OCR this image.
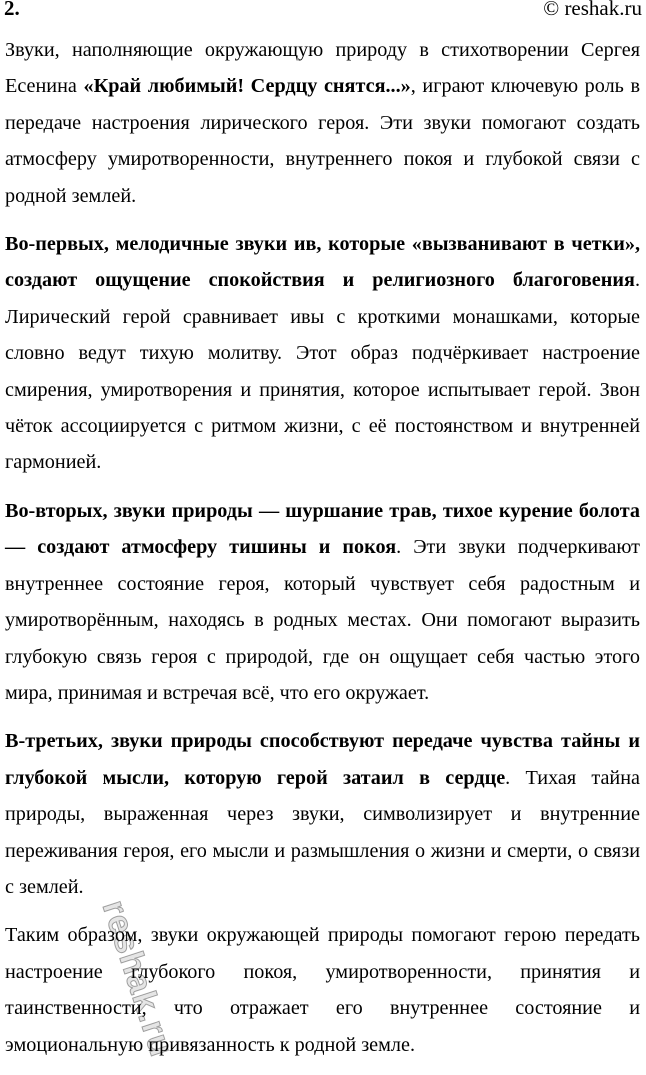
2.	© reshak.ru

Звуки, наполняющие окружающую природу в стихотворении Сергея Есенина «Край любимый! Сердцу снятся...», играют ключевую роль в передаче настроения лирического героя. Эти звуки помогают создать атмосферу умиротворенности, внутреннего покоя и глубокой связи с родной землей.

Во-первых, мелодичные звуки ив, которые «вызванивают в четки», создают ощущение спокойствия и религиозного благоговения. Лирический герой сравнивает ивы с кроткими монашками, которые словно ведут тихую молитву. Этот образ подчёркивает настроение смирения, умиротворения и принятия, которое испытывает герой. Звон чёток ассоциируется с ритмом жизни, с её постоянством и внутренней гармонией.

Во-вторых, звуки природы — шуршание трав, тихое курение болота — создают атмосферу тишины и покоя. Эти звуки подчеркивают внутреннее состояние героя, который чувствует себя радостным и умиротворённым, находясь в родных местах. Они помогают выразить глубокую связь героя с природой, где он ощущает себя частью этого мира, принимая и встречая всё, что его окружает.

В-третьих, звуки природы способствуют передаче чувства тайны и глубокой мысли, которую герой затаил в сердце. Тихая тайна природы, выраженная через звуки, символизирует и внутренние переживания героя, его мысли и размышления о жизни и смерти, о связи с землей.

Таким образом, звуки окружающей природы помогают герою передать настроение глубокого покоя, умиротворенности, принятия и таинственности, что отражает его внутреннее состояние и эмоциональную привязанность к родной земле.

reshak.ru
